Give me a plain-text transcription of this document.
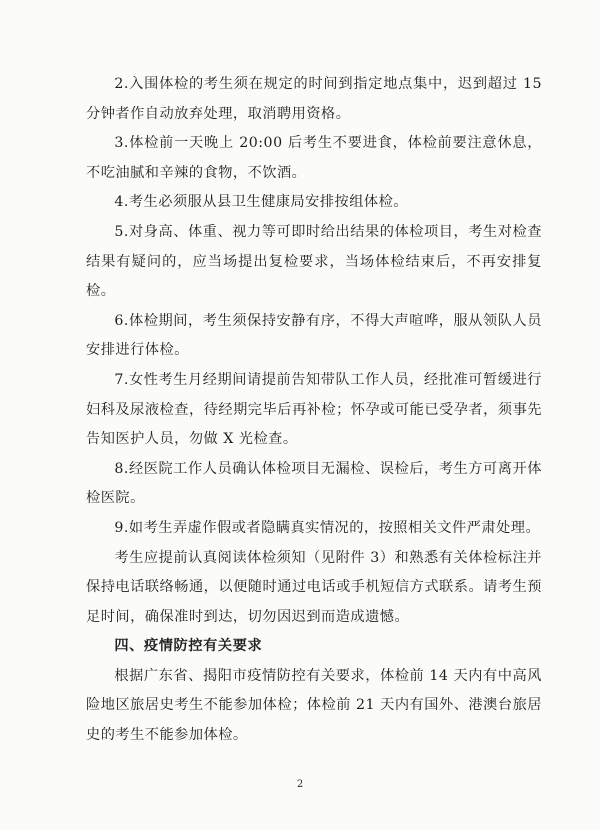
2.入围体检的考生须在规定的时间到指定地点集中，迟到超过 15 分钟者作自动放弃处理，取消聘用资格。

3.体检前一天晚上 20:00 后考生不要进食，体检前要注意休息，不吃油腻和辛辣的食物，不饮酒。

4.考生必须服从县卫生健康局安排按组体检。

5.对身高、体重、视力等可即时给出结果的体检项目，考生对检查结果有疑问的，应当场提出复检要求，当场体检结束后，不再安排复检。

6.体检期间，考生须保持安静有序，不得大声喧哗，服从领队人员安排进行体检。

7.女性考生月经期间请提前告知带队工作人员，经批准可暂缓进行妇科及尿液检查，待经期完毕后再补检；怀孕或可能已受孕者，须事先告知医护人员，勿做 X 光检查。

8.经医院工作人员确认体检项目无漏检、误检后，考生方可离开体检医院。

9.如考生弄虚作假或者隐瞒真实情况的，按照相关文件严肃处理。

考生应提前认真阅读体检须知（见附件 3）和熟悉有关体检标注并保持电话联络畅通，以便随时通过电话或手机短信方式联系。请考生预足时间，确保准时到达，切勿因迟到而造成遗憾。

四、疫情防控有关要求

根据广东省、揭阳市疫情防控有关要求，体检前 14 天内有中高风险地区旅居史考生不能参加体检；体检前 21 天内有国外、港澳台旅居史的考生不能参加体检。

2
